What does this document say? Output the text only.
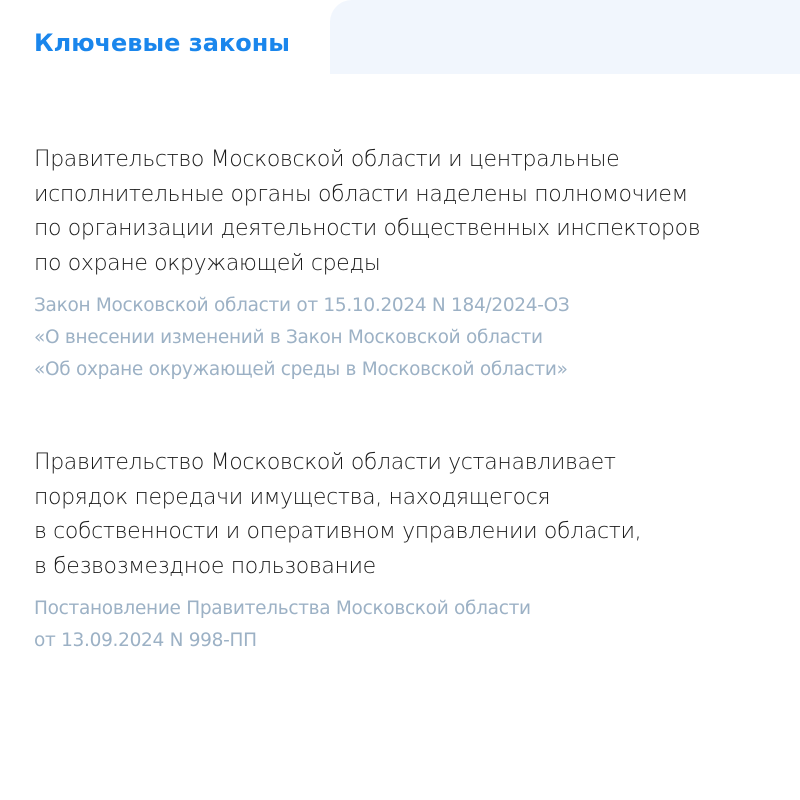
Ключевые законы

Правительство Московской области и центральные
исполнительные органы области наделены полномочием
по организации деятельности общественных инспекторов
по охране окружающей среды

Закон Московской области от 15.10.2024 N 184/2024-ОЗ
«О внесении изменений в Закон Московской области
«Об охране окружающей среды в Московской области»

Правительство Московской области устанавливает
порядок передачи имущества, находящегося
в собственности и оперативном управлении области,
в безвозмездное пользование

Постановление Правительства Московской области
от 13.09.2024 N 998-ПП
